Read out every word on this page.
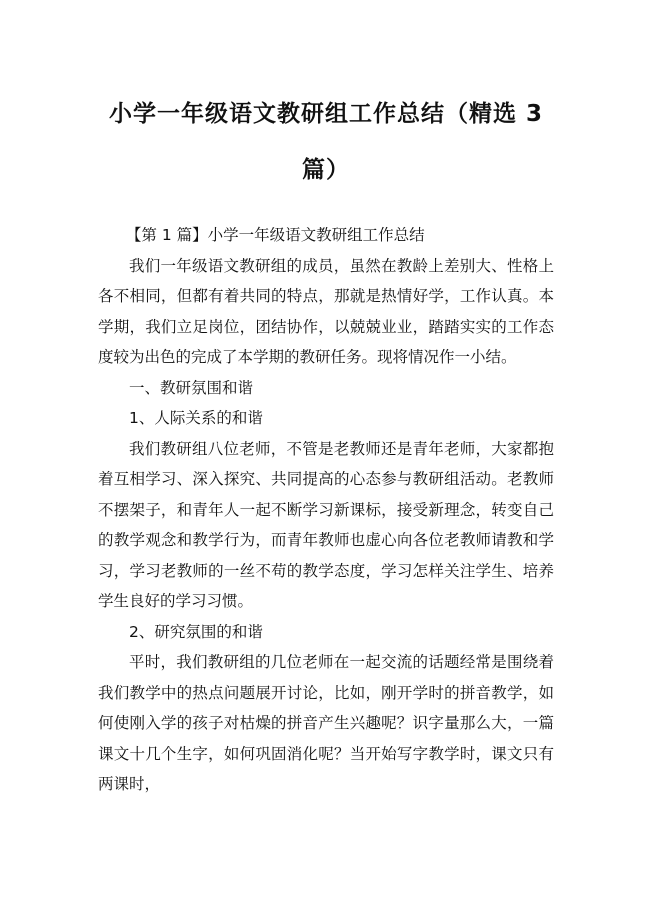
小学一年级语文教研组工作总结（精选 3 篇）

【第 1 篇】小学一年级语文教研组工作总结

我们一年级语文教研组的成员，虽然在教龄上差别大、性格上各不相同，但都有着共同的特点，那就是热情好学，工作认真。本学期，我们立足岗位，团结协作，以兢兢业业，踏踏实实的工作态度较为出色的完成了本学期的教研任务。现将情况作一小结。

一、教研氛围和谐

1、人际关系的和谐

我们教研组八位老师，不管是老教师还是青年老师，大家都抱着互相学习、深入探究、共同提高的心态参与教研组活动。老教师不摆架子，和青年人一起不断学习新课标，接受新理念，转变自己的教学观念和教学行为，而青年教师也虚心向各位老教师请教和学习，学习老教师的一丝不苟的教学态度，学习怎样关注学生、培养学生良好的学习习惯。

2、研究氛围的和谐

平时，我们教研组的几位老师在一起交流的话题经常是围绕着我们教学中的热点问题展开讨论，比如，刚开学时的拼音教学，如何使刚入学的孩子对枯燥的拼音产生兴趣呢？识字量那么大，一篇课文十几个生字，如何巩固消化呢？当开始写字教学时，课文只有两课时，
